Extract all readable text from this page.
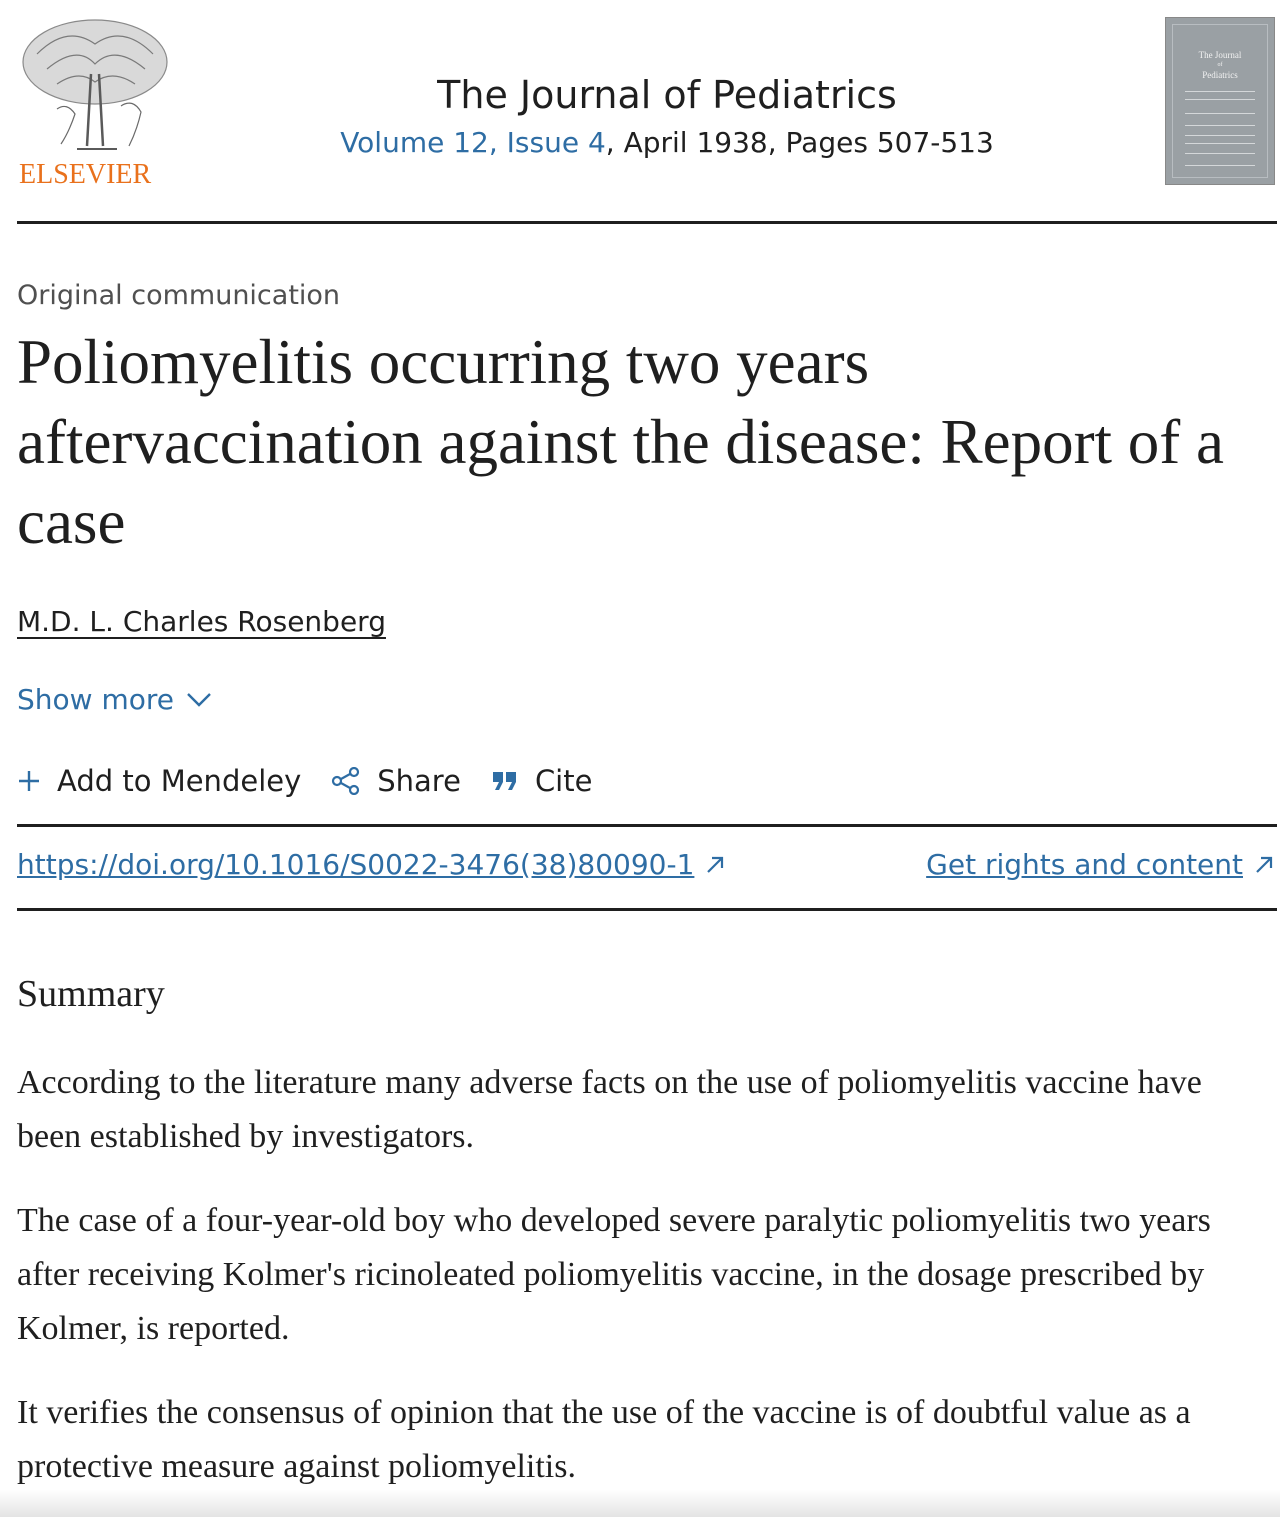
ELSEVIER
The Journal of Pediatrics
Volume 12, Issue 4, April 1938, Pages 507-513
The Journal
of
Pediatrics
Original communication
Poliomyelitis occurring two years aftervaccination against the disease: Report of a case
M.D. L. Charles Rosenberg
Show more
Add to Mendeley	Share	Cite
https://doi.org/10.1016/S0022-3476(38)80090-1	Get rights and content
Summary

According to the literature many adverse facts on the use of poliomyelitis vaccine have been established by investigators.

The case of a four-year-old boy who developed severe paralytic poliomyelitis two years after receiving Kolmer's ricinoleated poliomyelitis vaccine, in the dosage prescribed by Kolmer, is reported.

It verifies the consensus of opinion that the use of the vaccine is of doubtful value as a protective measure against poliomyelitis.
